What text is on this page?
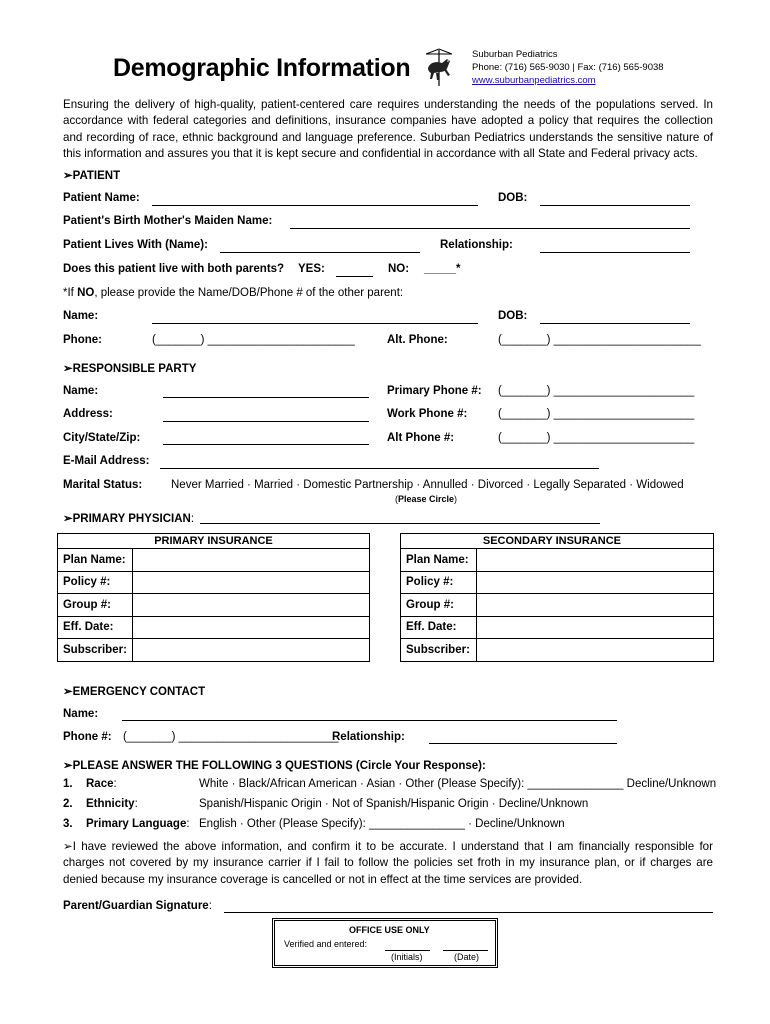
Demographic Information	Suburban Pediatrics
Phone: (716) 565-9030 | Fax: (716) 565-9038
www.suburbanpediatrics.com
Ensuring the delivery of high-quality, patient-centered care requires understanding the needs of the populations served. In accordance with federal categories and definitions, insurance companies have adopted a policy that requires the collection and recording of race, ethnic background and language preference. Suburban Pediatrics understands the sensitive nature of this information and assures you that it is kept secure and confidential in accordance with all State and Federal privacy acts.
➢PATIENT
Patient Name:	DOB:
Patient's Birth Mother's Maiden Name:
Patient Lives With (Name):	Relationship:
Does this patient live with both parents? YES:	NO: _____*
*If NO, please provide the Name/DOB/Phone # of the other parent:
Name:	DOB:
Phone:	(_______) _______________________	Alt. Phone:	(_______) _______________________
➢RESPONSIBLE PARTY
Name:	Primary Phone #: (_______) ______________________
Address:	Work Phone #:	(_______) ______________________
City/State/Zip:	Alt Phone #:	(_______) ______________________
E-Mail Address:
Marital Status:	Never Married · Married · Domestic Partnership · Annulled · Divorced · Legally Separated · Widowed
(Please Circle)
➢PRIMARY PHYSICIAN:
PRIMARY INSURANCE	
Plan Name:	
Policy #:	
Group #:	
Eff. Date:	
Subscriber:	
SECONDARY INSURANCE	
Plan Name:	
Policy #:	
Group #:	
Eff. Date:	
Subscriber:	
➢EMERGENCY CONTACT
Name:
Phone #: (_______) _________________________
Relationship:
➢PLEASE ANSWER THE FOLLOWING 3 QUESTIONS (Circle Your Response):
1. Race:	White · Black/African American · Asian · Other (Please Specify): _______________ Decline/Unknown
2. Ethnicity:	Spanish/Hispanic Origin · Not of Spanish/Hispanic Origin · Decline/Unknown
3. Primary Language: English · Other (Please Specify): _______________ · Decline/Unknown
➢I have reviewed the above information, and confirm it to be accurate. I understand that I am financially responsible for charges not covered by my insurance carrier if I fail to follow the policies set froth in my insurance plan, or if charges are denied because my insurance coverage is cancelled or not in effect at the time services are provided.
Parent/Guardian Signature:
OFFICE USE ONLY
Verified and entered:
(Initials)	(Date)
